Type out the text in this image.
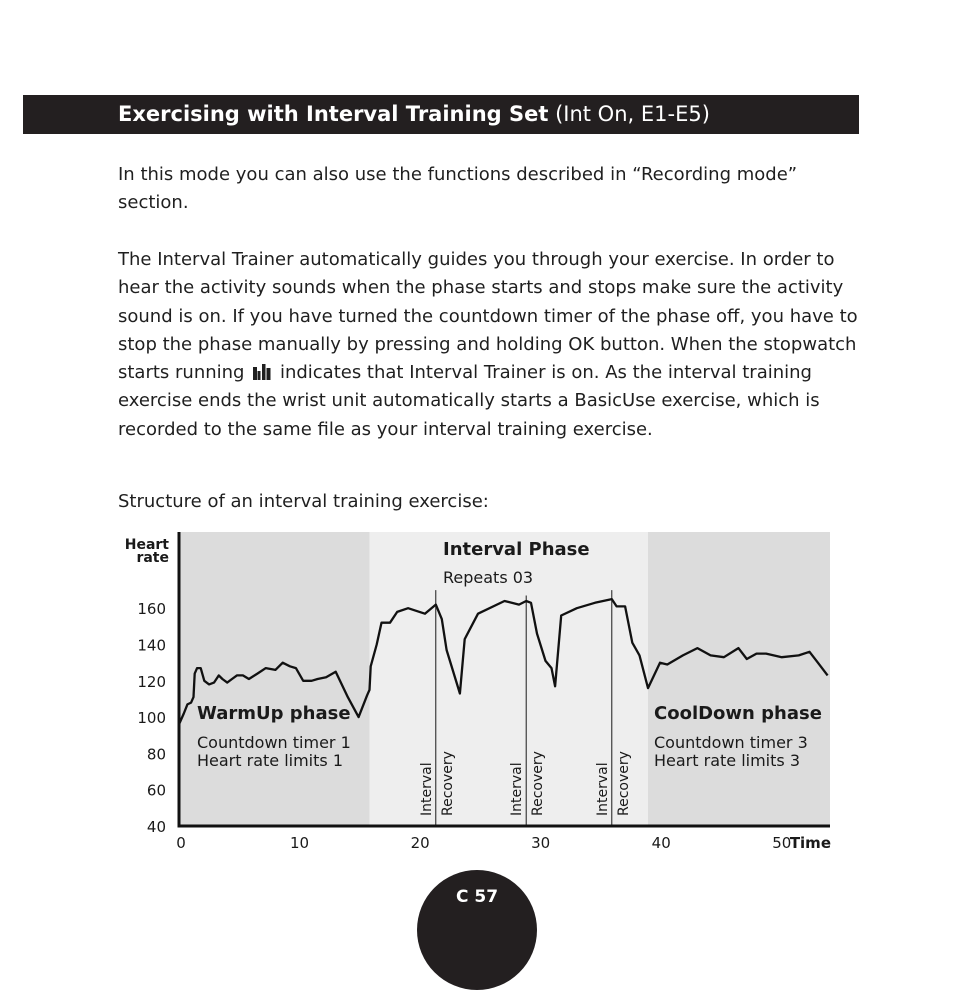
Exercising with Interval Training Set (Int On, E1-E5)

In this mode you can also use the functions described in “Recording mode” section.

The Interval Trainer automatically guides you through your exercise. In order to hear the activity sounds when the phase starts and stops make sure the activity sound is on. If you have turned the countdown timer of the phase off, you have to stop the phase manually by pressing and holding OK button. When the stopwatch starts running  indicates that Interval Trainer is on. As the interval training exercise ends the wrist unit automatically starts a BasicUse exercise, which is recorded to the same file as your interval training exercise.

Structure of an interval training exercise:
Interval Recovery	Interval Recovery	Interval Recovery
40
60
80
100
120
140
160
0	10	20	30	40	50
Heart
rate
Time
WarmUp phase
Countdown timer 1
Heart rate limits 1
Interval Phase
Repeats 03
CoolDown phase
Countdown timer 3
Heart rate limits 3
C 57
